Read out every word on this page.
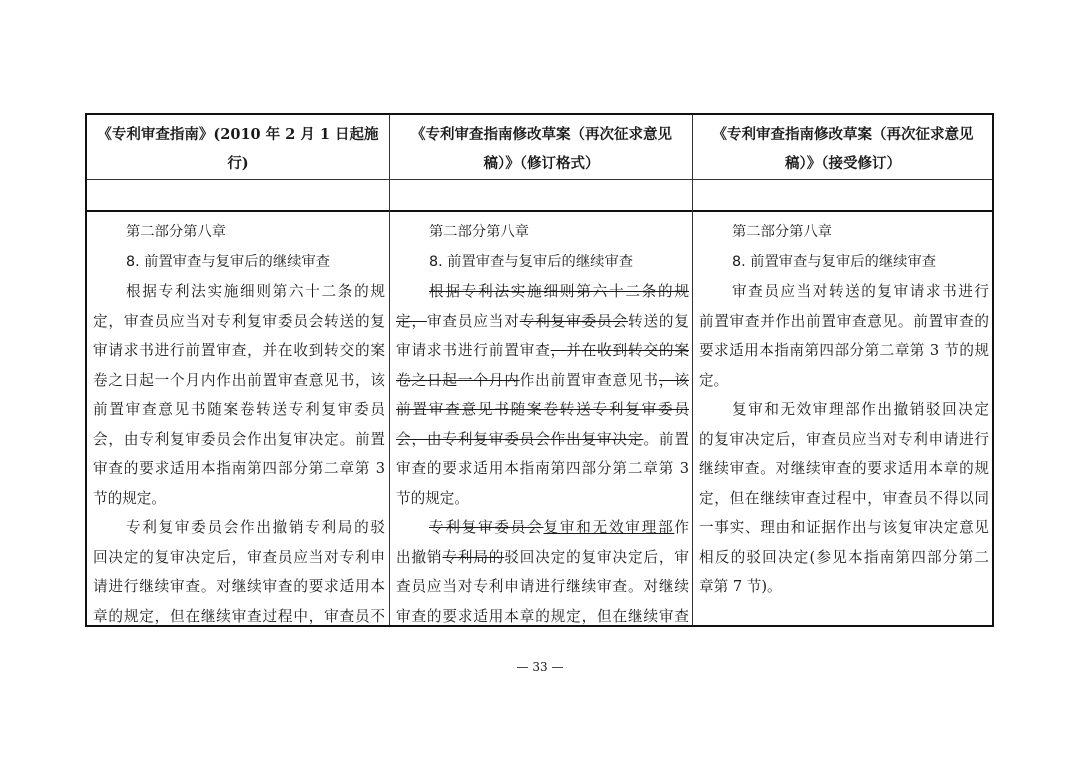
《专利审查指南》(2010 年 2 月 1 日起施行)
第二部分第八章
8. 前置审查与复审后的继续审查
根据专利法实施细则第六十二条的规
定，审查员应当对专利复审委员会转送的复
审请求书进行前置审查，并在收到转交的案
卷之日起一个月内作出前置审查意见书，该
前置审查意见书随案卷转送专利复审委员
会，由专利复审委员会作出复审决定。前置
审查的要求适用本指南第四部分第二章第 3
节的规定。
专利复审委员会作出撤销专利局的驳
回决定的复审决定后，审查员应当对专利申
请进行继续审查。对继续审查的要求适用本
章的规定，但在继续审查过程中，审查员不
《专利审查指南修改草案（再次征求意见
稿）》（修订格式）
第二部分第八章
8. 前置审查与复审后的继续审查
根据专利法实施细则第六十二条的规
定，审查员应当对专利复审委员会转送的复
审请求书进行前置审查，并在收到转交的案
卷之日起一个月内作出前置审查意见书，该
前置审查意见书随案卷转送专利复审委员
会，由专利复审委员会作出复审决定。前置
审查的要求适用本指南第四部分第二章第 3
节的规定。
专利复审委员会复审和无效审理部作
出撤销专利局的驳回决定的复审决定后，审
查员应当对专利申请进行继续审查。对继续
审查的要求适用本章的规定，但在继续审查
《专利审查指南修改草案（再次征求意见
稿）》（接受修订）
第二部分第八章
8. 前置审查与复审后的继续审查
审查员应当对转送的复审请求书进行
前置审查并作出前置审查意见。前置审查的
要求适用本指南第四部分第二章第 3 节的规
定。
复审和无效审理部作出撤销驳回决定
的复审决定后，审查员应当对专利申请进行
继续审查。对继续审查的要求适用本章的规
定，但在继续审查过程中，审查员不得以同
一事实、理由和证据作出与该复审决定意见
相反的驳回决定(参见本指南第四部分第二
章第 7 节)。
— 33 —
